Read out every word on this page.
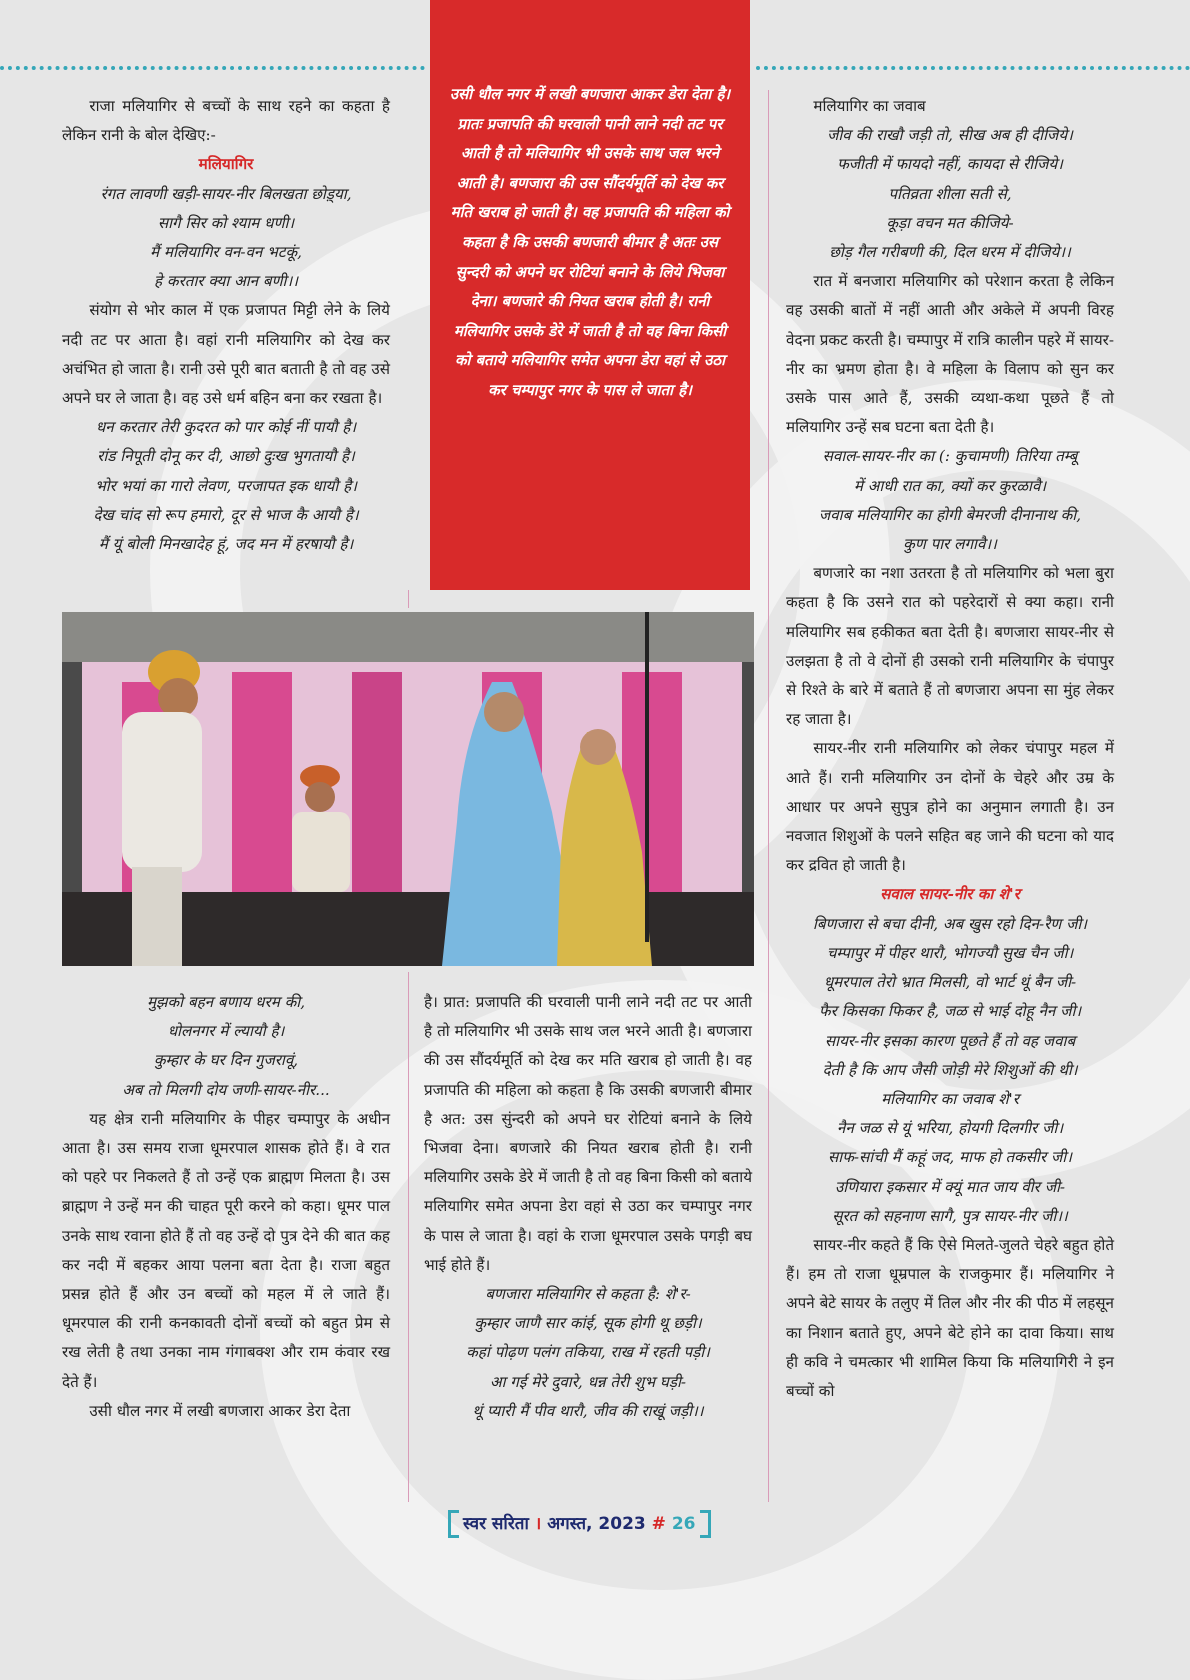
उसी धौल नगर में लखी बणजारा आकर डेरा देता है। प्रातः प्रजापति की घरवाली पानी लाने नदी तट पर आती है तो मलियागिर भी उसके साथ जल भरने आती है। बणजारा की उस सौंदर्यमूर्ति को देख कर मति खराब हो जाती है। वह प्रजापति की महिला को कहता है कि उसकी बणजारी बीमार है अतः उस सुन्दरी को अपने घर रोटियां बनाने के लिये भिजवा देना। बणजारे की नियत खराब होती है। रानी मलियागिर उसके डेरे में जाती है तो वह बिना किसी को बताये मलियागिर समेत अपना डेरा वहां से उठा कर चम्पापुर नगर के पास ले जाता है।

राजा मलियागिर से बच्चों के साथ रहने का कहता है लेकिन रानी के बोल देखिए:-

मलियागिर

रंगत लावणी खड़ी-सायर-नीर बिलखता छोड़्या,

सागै सिर को श्याम धणी।

मैं मलियागिर वन-वन भटकूं,

हे करतार क्या आन बणी।।

संयोग से भोर काल में एक प्रजापत मिट्टी लेने के लिये नदी तट पर आता है। वहां रानी मलियागिर को देख कर अचंभित हो जाता है। रानी उसे पूरी बात बताती है तो वह उसे अपने घर ले जाता है। वह उसे धर्म बहिन बना कर रखता है।

धन करतार तेरी कुदरत को पार कोई नीं पायौ है।

रांड निपूती दोनू कर दी, आछो दुःख भुगतायौ है।

भोर भयां का गारो लेवण, परजापत इक धायौ है।

देख चांद सो रूप हमारो, दूर से भाज कै आयौ है।

मैं यूं बोली मिनखादेह हूं, जद मन में हरषायौ है।

मलियागिर का जवाब

जीव की राखौ जड़ी तो, सीख अब ही दीजिये।

फजीती में फायदो नहीं, कायदा से रीजिये।

पतिव्रता शीला सती से,

कूड़ा वचन मत कीजिये-

छोड़ गैल गरीबणी की, दिल धरम में दीजिये।।

रात में बनजारा मलियागिर को परेशान करता है लेकिन वह उसकी बातों में नहीं आती और अकेले में अपनी विरह वेदना प्रकट करती है। चम्पापुर में रात्रि कालीन पहरे में सायर-नीर का भ्रमण होता है। वे महिला के विलाप को सुन कर उसके पास आते हैं, उसकी व्यथा-कथा पूछते हैं तो मलियागिर उन्हें सब घटना बता देती है।

सवाल-सायर-नीर का (: कुचामणी) तिरिया तम्बू

में आधी रात का, क्यों कर कुरळावै।

जवाब मलियागिर का होगी बेमरजी दीनानाथ की,

कुण पार लगावै।।

बणजारे का नशा उतरता है तो मलियागिर को भला बुरा कहता है कि उसने रात को पहरेदारों से क्या कहा। रानी मलियागिर सब हकीकत बता देती है। बणजारा सायर-नीर से उलझता है तो वे दोनों ही उसको रानी मलियागिर के चंपापुर से रिश्ते के बारे में बताते हैं तो बणजारा अपना सा मुंह लेकर रह जाता है।

सायर-नीर रानी मलियागिर को लेकर चंपापुर महल में आते हैं। रानी मलियागिर उन दोनों के चेहरे और उम्र के आधार पर अपने सुपुत्र होने का अनुमान लगाती है। उन नवजात शिशुओं के पलने सहित बह जाने की घटना को याद कर द्रवित हो जाती है।

सवाल सायर-नीर का शे'र

बिणजारा से बचा दीनी, अब खुस रहो दिन-रैण जी।

चम्पापुर में पीहर थारौ, भोगज्यौ सुख चैन जी।

धूमरपाल तेरो भ्रात मिलसी, वो भार्ट थूं बैन जी-

फैर किसका फिकर है, जळ से भाई दोहू नैन जी।

सायर-नीर इसका कारण पूछते हैं तो वह जवाब

देती है कि आप जैसी जोड़ी मेरे शिशुओं की थी।

मलियागिर का जवाब शे'र

नैन जळ से यूं भरिया, होयगी दिलगीर जी।

साफ-सांची मैं कहूं जद, माफ हो तकसीर जी।

उणियारा इकसार में क्यूं मात जाय वीर जी-

सूरत को सहनाण सागै, पुत्र सायर-नीर जी।।

सायर-नीर कहते हैं कि ऐसे मिलते-जुलते चेहरे बहुत होते हैं। हम तो राजा धूम्रपाल के राजकुमार हैं। मलियागिर ने अपने बेटे सायर के तलुए में तिल और नीर की पीठ में लहसून का निशान बताते हुए, अपने बेटे होने का दावा किया। साथ ही कवि ने चमत्कार भी शामिल किया कि मलियागिरी ने इन बच्चों को

मुझको बहन बणाय धरम की,

धोलनगर में ल्यायौ है।

कुम्हार के घर दिन गुजरावूं,

अब तो मिलगी दोय जणी-सायर-नीर...

यह क्षेत्र रानी मलियागिर के पीहर चम्पापुर के अधीन आता है। उस समय राजा धूमरपाल शासक होते हैं। वे रात को पहरे पर निकलते हैं तो उन्हें एक ब्राह्मण मिलता है। उस ब्राह्मण ने उन्हें मन की चाहत पूरी करने को कहा। धूमर पाल उनके साथ रवाना होते हैं तो वह उन्हें दो पुत्र देने की बात कह कर नदी में बहकर आया पलना बता देता है। राजा बहुत प्रसन्न होते हैं और उन बच्चों को महल में ले जाते हैं। धूमरपाल की रानी कनकावती दोनों बच्चों को बहुत प्रेम से रख लेती है तथा उनका नाम गंगाबक्श और राम कंवार रख देते हैं।

उसी धौल नगर में लखी बणजारा आकर डेरा देता

है। प्रात: प्रजापति की घरवाली पानी लाने नदी तट पर आती है तो मलियागिर भी उसके साथ जल भरने आती है। बणजारा की उस सौंदर्यमूर्ति को देख कर मति खराब हो जाती है। वह प्रजापति की महिला को कहता है कि उसकी बणजारी बीमार है अत: उस सुंन्दरी को अपने घर रोटियां बनाने के लिये भिजवा देना। बणजारे की नियत खराब होती है। रानी मलियागिर उसके डेरे में जाती है तो वह बिना किसी को बताये मलियागिर समेत अपना डेरा वहां से उठा कर चम्पापुर नगर के पास ले जाता है। वहां के राजा धूमरपाल उसके पगड़ी बघ भाई होते हैं।

बणजारा मलियागिर से कहता है: शे'र-

कुम्हार जाणै सार कांई, सूक होगी थू छड़ी।

कहां पोढ़ण पलंग तकिया, राख में रहती पड़ी।

आ गई मेरे दुवारे, धन्न तेरी शुभ घड़ी-

थूं प्यारी मैं पीव थारौ, जीव की राखूं जड़ी।।

स्वर सरिता । अगस्त, 2023 # 26
